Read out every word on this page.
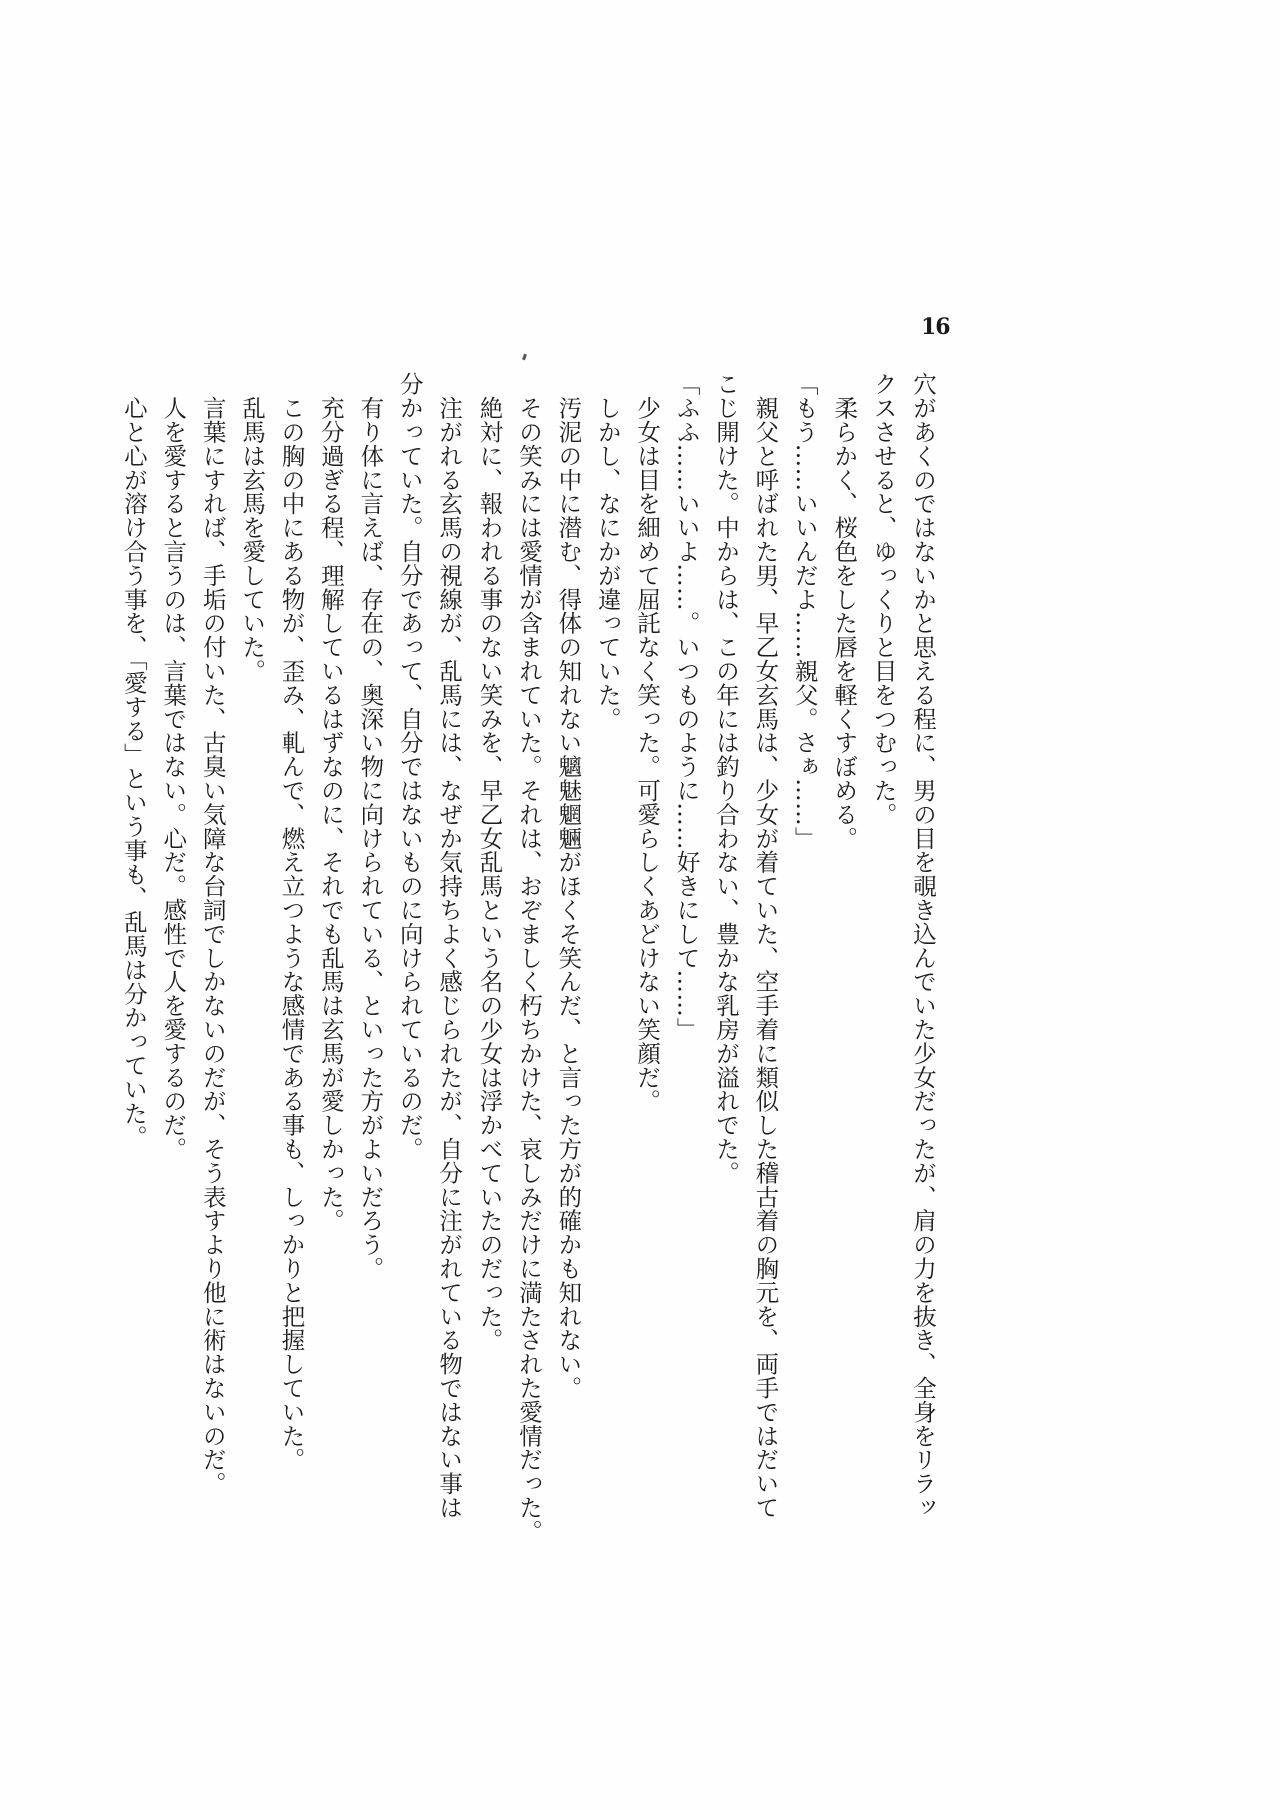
16
穴があくのではないかと思える程に、男の目を覗き込んでいた少女だったが、肩の力を抜き、全身をリラッ
クスさせると、ゆっくりと目をつむった。
　柔らかく、桜色をした唇を軽くすぼめる。
「もう……いいんだよ……親父。さぁ……」
　親父と呼ばれた男、早乙女玄馬は、少女が着ていた、空手着に類似した稽古着の胸元を、両手ではだいて
こじ開けた。中からは、この年には釣り合わない、豊かな乳房が溢れでた。
「ふふ……いいよ……。いつものように……好きにして……」
　少女は目を細めて屈託なく笑った。可愛らしくあどけない笑顔だ。
　しかし、なにかが違っていた。
　汚泥の中に潜む、得体の知れない魑魅魍魎がほくそ笑んだ、と言った方が的確かも知れない。
　その笑みには愛情が含まれていた。それは、おぞましく朽ちかけた、哀しみだけに満たされた愛情だった。
　絶対に、報われる事のない笑みを、早乙女乱馬という名の少女は浮かべていたのだった。
　注がれる玄馬の視線が、乱馬には、なぜか気持ちよく感じられたが、自分に注がれている物ではない事は
分かっていた。自分であって、自分ではないものに向けられているのだ。
　有り体に言えば、存在の、奥深い物に向けられている、といった方がよいだろう。
　充分過ぎる程、理解しているはずなのに、それでも乱馬は玄馬が愛しかった。
　この胸の中にある物が、歪み、軋んで、燃え立つような感情である事も、しっかりと把握していた。
　乱馬は玄馬を愛していた。
　言葉にすれば、手垢の付いた、古臭い気障な台詞でしかないのだが、そう表すより他に術はないのだ。
　人を愛すると言うのは、言葉ではない。心だ。感性で人を愛するのだ。
　心と心が溶け合う事を、「愛する」という事も、乱馬は分かっていた。
